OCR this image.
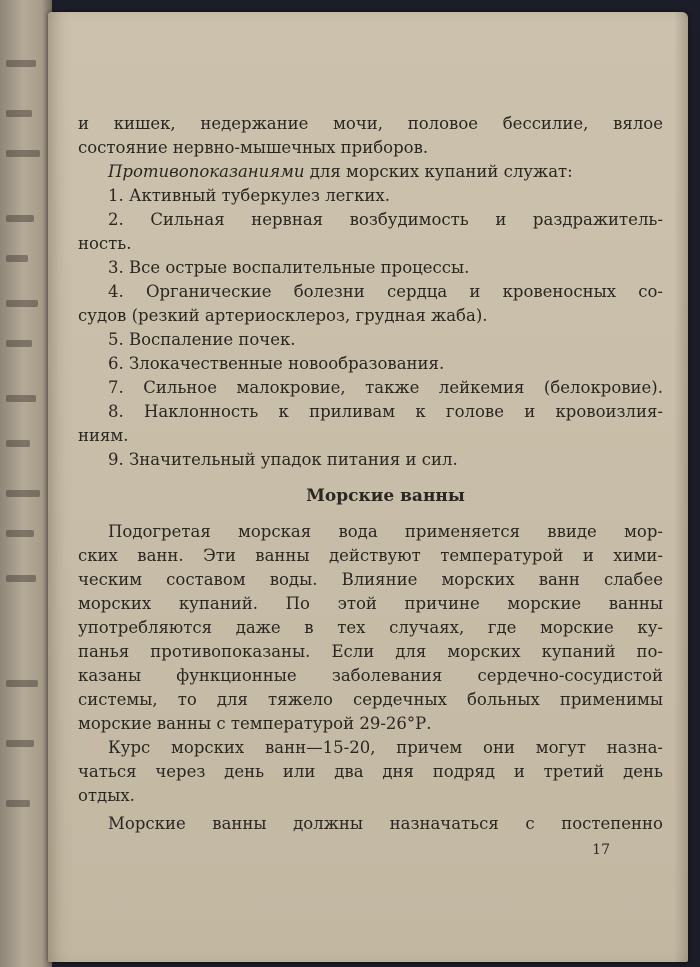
и кишек, недержание мочи, половое бессилие, вялое
состояние нервно-мышечных приборов.
Противопоказаниями для морских купаний служат:
1. Активный туберкулез легких.
2. Сильная нервная возбудимость и раздражитель-
ность.
3. Все острые воспалительные процессы.
4. Органические болезни сердца и кровеносных со-
судов (резкий артериосклероз, грудная жаба).
5. Воспаление почек.
6. Злокачественные новообразования.
7. Сильное малокровие, также лейкемия (белокровие).
8. Наклонность к приливам к голове и кровоизлия-
ниям.
9. Значительный упадок питания и сил.
Морские ванны
Подогретая морская вода применяется ввиде мор-
ских ванн. Эти ванны действуют температурой и хими-
ческим составом воды. Влияние морских ванн слабее
морских купаний. По этой причине морские ванны
употребляются даже в тех случаях, где морские ку-
панья противопоказаны. Если для морских купаний по-
казаны функционные заболевания сердечно-сосудистой
системы, то для тяжело сердечных больных применимы
морские ванны с температурой 29-26°Р.
Курс морских ванн—15-20, причем они могут назна-
чаться через день или два дня подряд и третий день
отдых.
Морские ванны должны назначаться с постепенно
17
